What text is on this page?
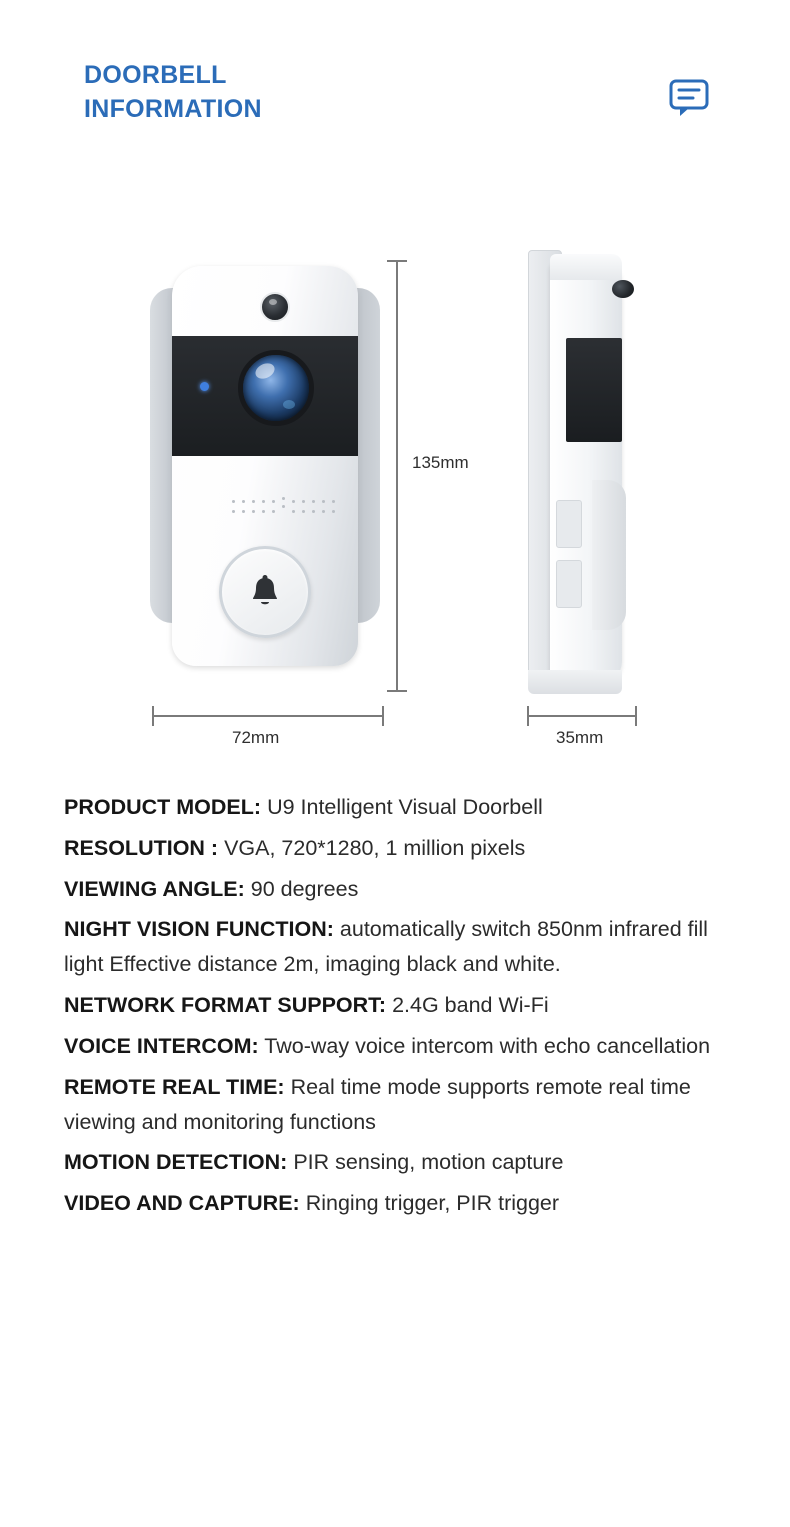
DOORBELL INFORMATION
135mm
72mm	35mm
PRODUCT MODEL: U9 Intelligent Visual Doorbell
RESOLUTION : VGA, 720*1280, 1 million pixels
VIEWING ANGLE: 90 degrees
NIGHT VISION FUNCTION: automatically switch 850nm infrared fill light Effective distance 2m, imaging black and white.
NETWORK FORMAT SUPPORT: 2.4G band Wi-Fi
VOICE INTERCOM: Two-way voice intercom with echo cancellation
REMOTE REAL TIME: Real time mode supports remote real time viewing and monitoring functions
MOTION DETECTION: PIR sensing, motion capture
VIDEO AND CAPTURE: Ringing trigger, PIR trigger
